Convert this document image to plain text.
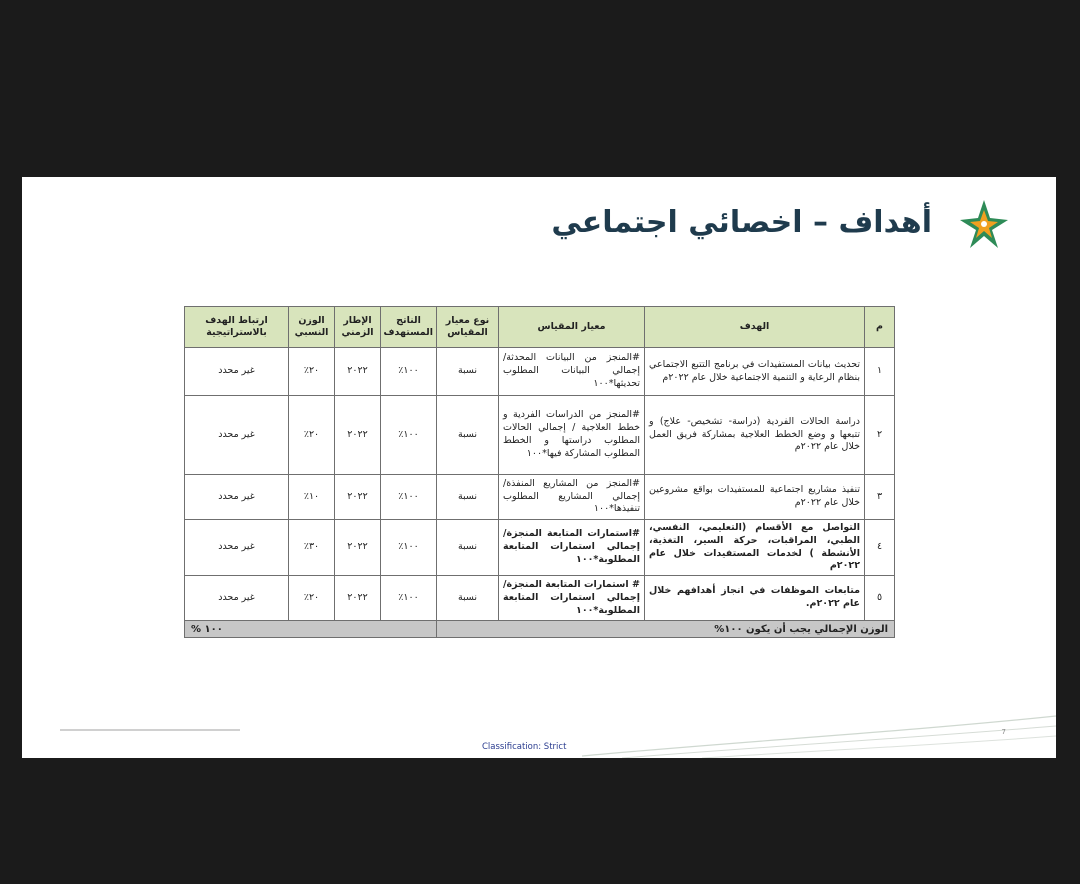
أهداف – اخصائي اجتماعي
م	الهدف	معيار المقياس	نوع معيار المقياس	الناتج المستهدف	الإطار الزمني	الوزن النسبي	ارتباط الهدف بالاستراتيجية
١	تحديث بيانات المستفيدات في برنامج التتبع الاجتماعي بنظام الرعاية و التنمية الاجتماعية خلال عام ٢٠٢٢م	#المنجز من البيانات المحدثة/إجمالي البيانات المطلوب تحديثها*١٠٠	نسبة	١٠٠٪	٢٠٢٢	٢٠٪	غير محدد
٢	دراسة الحالات الفردية (دراسة- تشخيص- علاج) و تتبعها و وضع الخطط العلاجية بمشاركة فريق العمل خلال عام ٢٠٢٢م	#المنجز من الدراسات الفردية و خطط العلاجية / إجمالي الحالات المطلوب دراستها و الخطط المطلوب المشاركة فيها*١٠٠	نسبة	١٠٠٪	٢٠٢٢	٢٠٪	غير محدد
٣	تنفيذ مشاريع اجتماعية للمستفيدات بواقع مشروعين خلال عام ٢٠٢٢م	#المنجز من المشاريع المنفذة/إجمالي المشاريع المطلوب تنفيذها*١٠٠	نسبة	١٠٠٪	٢٠٢٢	١٠٪	غير محدد
٤	التواصل مع الأقسام (التعليمي، النفسي، الطبي، المراقبات، حركة السير، التغذية، الأنشطة ) لخدمات المستفيدات خلال عام ٢٠٢٢م	#استمارات المتابعة المنجزة/إجمالي استمارات المتابعة المطلوبة*١٠٠	نسبة	١٠٠٪	٢٠٢٢	٣٠٪	غير محدد
٥	متابعات الموظفات في انجاز أهدافهم خلال عام ٢٠٢٢م.	# استمارات المتابعة المنجزة/إجمالي استمارات المتابعة المطلوبة*١٠٠	نسبة	١٠٠٪	٢٠٢٢	٢٠٪	غير محدد
الوزن الإجمالي يجب أن يكون ١٠٠%				١٠٠ %			
7
Classification: Strict
